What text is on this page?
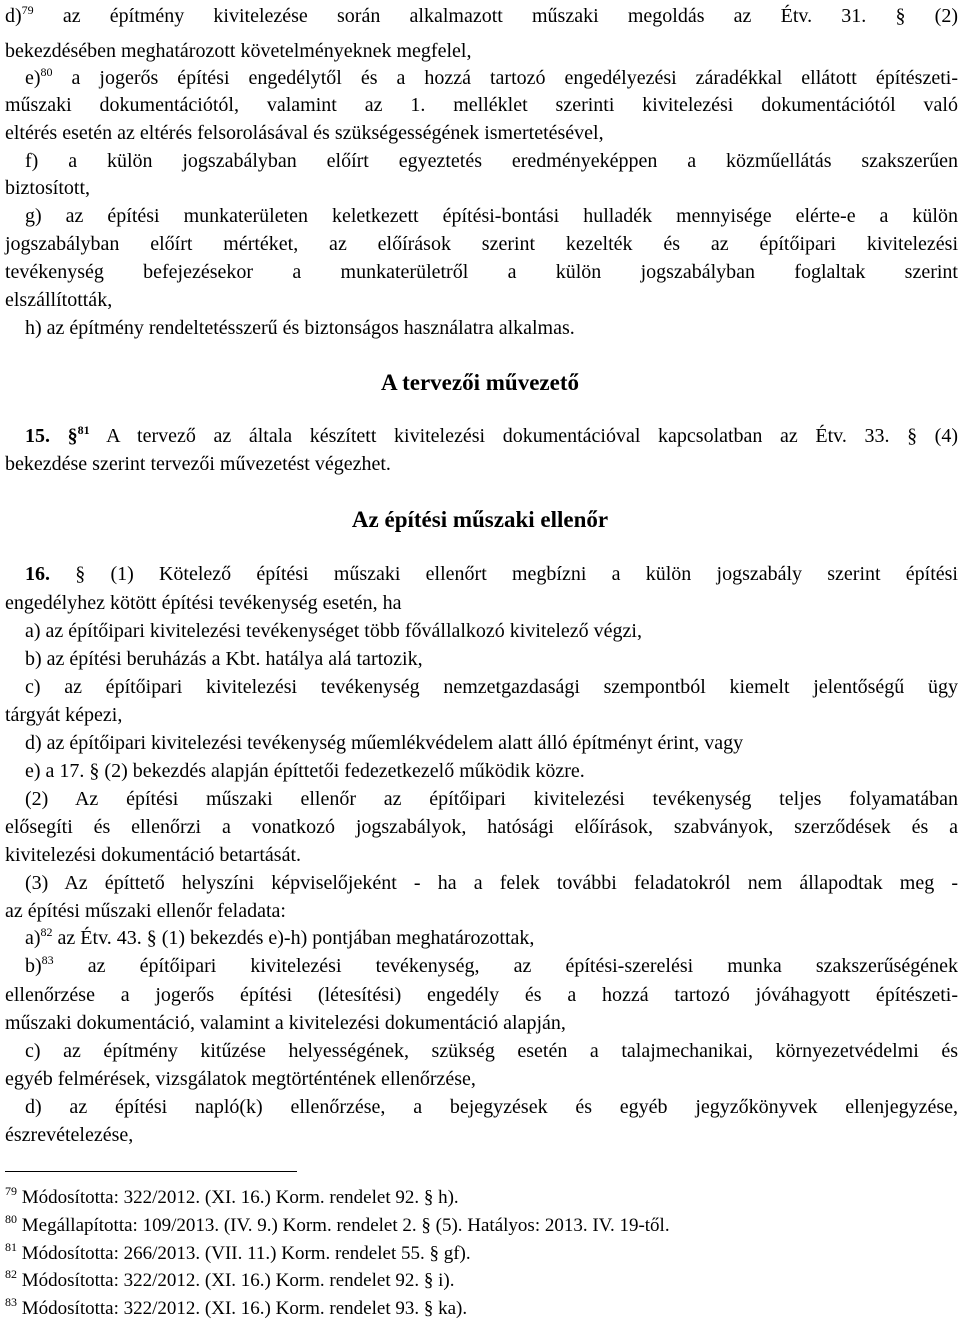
d)$^{79}$ az építmény kivitelezése során alkalmazott műszaki megoldás az Étv. 31. § (2)
bekezdésében meghatározott követelményeknek megfelel,
e)$^{80}$ a jogerős építési engedélytől és a hozzá tartozó engedélyezési záradékkal ellátott építészeti-
műszaki dokumentációtól, valamint az 1. melléklet szerinti kivitelezési dokumentációtól való
eltérés esetén az eltérés felsorolásával és szükségességének ismertetésével,
f) a külön jogszabályban előírt egyeztetés eredményeképpen a közműellátás szakszerűen
biztosított,
g) az építési munkaterületen keletkezett építési-bontási hulladék mennyisége elérte-e a külön
jogszabályban előírt mértéket, az előírások szerint kezelték és az építőipari kivitelezési
tevékenység befejezésekor a munkaterületről a külön jogszabályban foglaltak szerint
elszállították,
h) az építmény rendeltetésszerű és biztonságos használatra alkalmas.
A tervezői művezető
15. §$^{81}$ A tervező az általa készített kivitelezési dokumentációval kapcsolatban az Étv. 33. § (4)
bekezdése szerint tervezői művezetést végezhet.
Az építési műszaki ellenőr
16. § (1) Kötelező építési műszaki ellenőrt megbízni a külön jogszabály szerint építési
engedélyhez kötött építési tevékenység esetén, ha
a) az építőipari kivitelezési tevékenységet több fővállalkozó kivitelező végzi,
b) az építési beruházás a Kbt. hatálya alá tartozik,
c) az építőipari kivitelezési tevékenység nemzetgazdasági szempontból kiemelt jelentőségű ügy
tárgyát képezi,
d) az építőipari kivitelezési tevékenység műemlékvédelem alatt álló építményt érint, vagy
e) a 17. § (2) bekezdés alapján építtetői fedezetkezelő működik közre.
(2) Az építési műszaki ellenőr az építőipari kivitelezési tevékenység teljes folyamatában
elősegíti és ellenőrzi a vonatkozó jogszabályok, hatósági előírások, szabványok, szerződések és a
kivitelezési dokumentáció betartását.
(3) Az építtető helyszíni képviselőjeként - ha a felek további feladatokról nem állapodtak meg -
az építési műszaki ellenőr feladata:
a)$^{82}$ az Étv. 43. § (1) bekezdés e)-h) pontjában meghatározottak,
b)$^{83}$ az építőipari kivitelezési tevékenység, az építési-szerelési munka szakszerűségének
ellenőrzése a jogerős építési (létesítési) engedély és a hozzá tartozó jóváhagyott építészeti-
műszaki dokumentáció, valamint a kivitelezési dokumentáció alapján,
c) az építmény kitűzése helyességének, szükség esetén a talajmechanikai, környezetvédelmi és
egyéb felmérések, vizsgálatok megtörténtének ellenőrzése,
d) az építési napló(k) ellenőrzése, a bejegyzések és egyéb jegyzőkönyvek ellenjegyzése,
észrevételezése,
$^{79}$ Módosította: 322/2012. (XI. 16.) Korm. rendelet 92. § h).
$^{80}$ Megállapította: 109/2013. (IV. 9.) Korm. rendelet 2. § (5). Hatályos: 2013. IV. 19-től.
$^{81}$ Módosította: 266/2013. (VII. 11.) Korm. rendelet 55. § gf).
$^{82}$ Módosította: 322/2012. (XI. 16.) Korm. rendelet 92. § i).
$^{83}$ Módosította: 322/2012. (XI. 16.) Korm. rendelet 93. § ka).
